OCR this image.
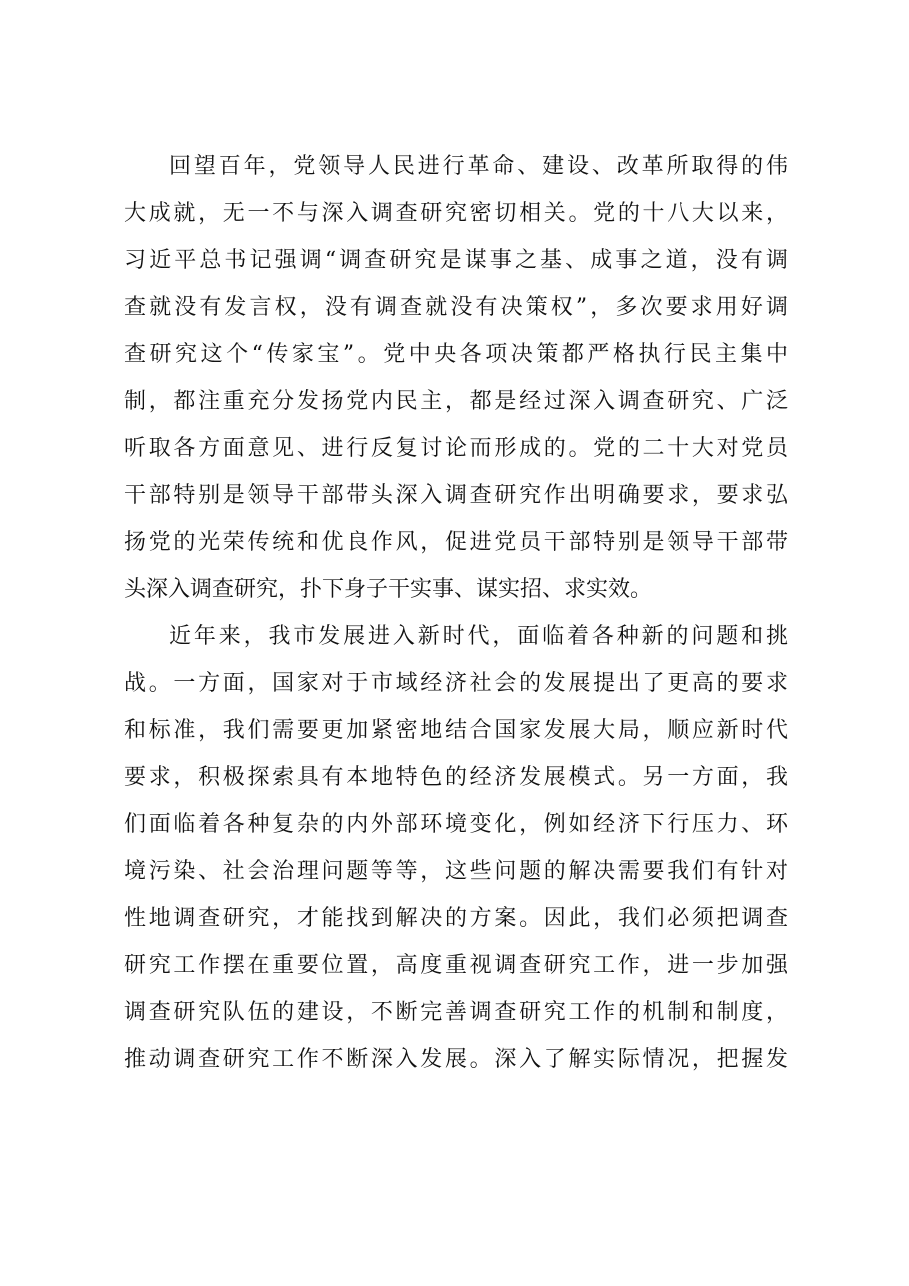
回望百年，党领导人民进行革命、建设、改革所取得的伟
大成就，无一不与深入调查研究密切相关。党的十八大以来，
习近平总书记强调“调查研究是谋事之基、成事之道，没有调
查就没有发言权，没有调查就没有决策权”，多次要求用好调
查研究这个“传家宝”。党中央各项决策都严格执行民主集中
制，都注重充分发扬党内民主，都是经过深入调查研究、广泛
听取各方面意见、进行反复讨论而形成的。党的二十大对党员
干部特别是领导干部带头深入调查研究作出明确要求，要求弘
扬党的光荣传统和优良作风，促进党员干部特别是领导干部带
头深入调查研究，扑下身子干实事、谋实招、求实效。
近年来，我市发展进入新时代，面临着各种新的问题和挑
战。一方面，国家对于市域经济社会的发展提出了更高的要求
和标准，我们需要更加紧密地结合国家发展大局，顺应新时代
要求，积极探索具有本地特色的经济发展模式。另一方面，我
们面临着各种复杂的内外部环境变化，例如经济下行压力、环
境污染、社会治理问题等等，这些问题的解决需要我们有针对
性地调查研究，才能找到解决的方案。因此，我们必须把调查
研究工作摆在重要位置，高度重视调查研究工作，进一步加强
调查研究队伍的建设，不断完善调查研究工作的机制和制度，
推动调查研究工作不断深入发展。深入了解实际情况，把握发
